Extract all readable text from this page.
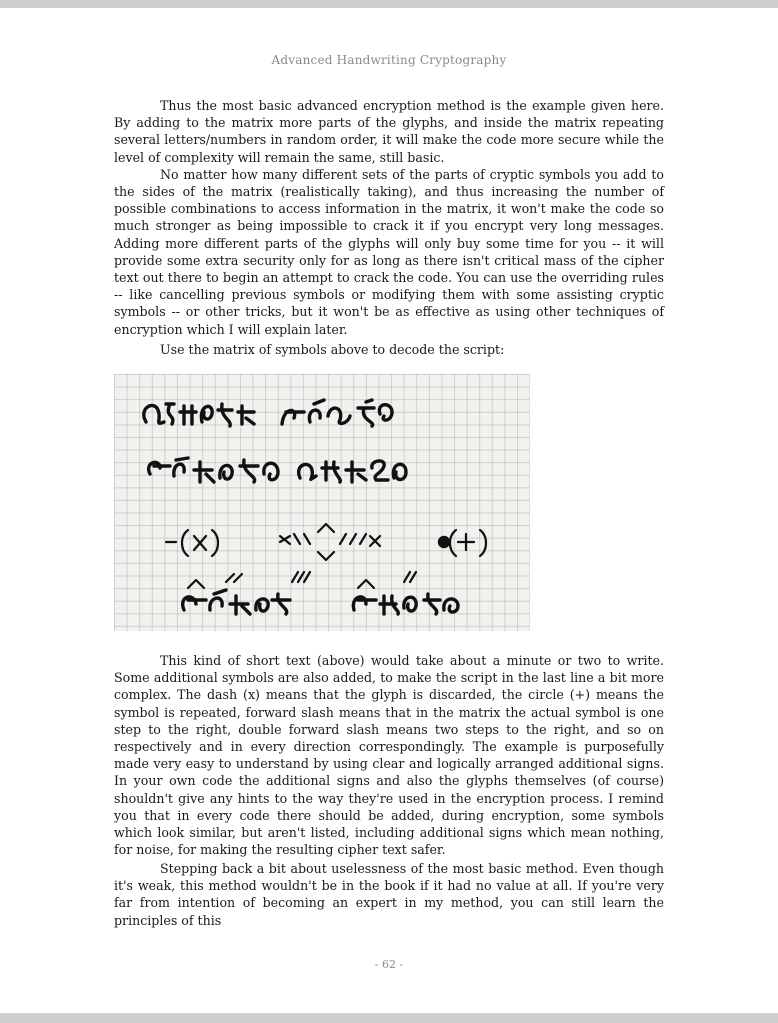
Advanced Handwriting Cryptography

Thus the most basic advanced encryption method is the example given here. By adding to the matrix more parts of the glyphs, and inside the matrix repeating several letters/numbers in random order, it will make the code more secure while the level of complexity will remain the same, still basic.

No matter how many different sets of the parts of cryptic symbols you add to the sides of the matrix (realistically taking), and thus increasing the number of possible combinations to access information in the matrix, it won't make the code so much stronger as being impossible to crack it if you encrypt very long messages. Adding more different parts of the glyphs will only buy some time for you -- it will provide some extra security only for as long as there isn't critical mass of the cipher text out there to begin an attempt to crack the code. You can use the overriding rules -- like cancelling previous symbols or modifying them with some assisting cryptic symbols -- or other tricks, but it won't be as effective as using other techniques of encryption which I will explain later.

Use the matrix of symbols above to decode the script:

This kind of short text (above) would take about a minute or two to write. Some additional symbols are also added, to make the script in the last line a bit more complex. The dash (x) means that the glyph is discarded, the circle (+) means the symbol is repeated, forward slash means that in the matrix the actual symbol is one step to the right, double forward slash means two steps to the right, and so on respectively and in every direction correspondingly. The example is purposefully made very easy to understand by using clear and logically arranged additional signs. In your own code the additional signs and also the glyphs themselves (of course) shouldn't give any hints to the way they're used in the encryption process. I remind you that in every code there should be added, during encryption, some symbols which look similar, but aren't listed, including additional signs which mean nothing, for noise, for making the resulting cipher text safer.

Stepping back a bit about uselessness of the most basic method. Even though it's weak, this method wouldn't be in the book if it had no value at all. If you're very far from intention of becoming an expert in my method, you can still learn the principles of this

- 62 -
